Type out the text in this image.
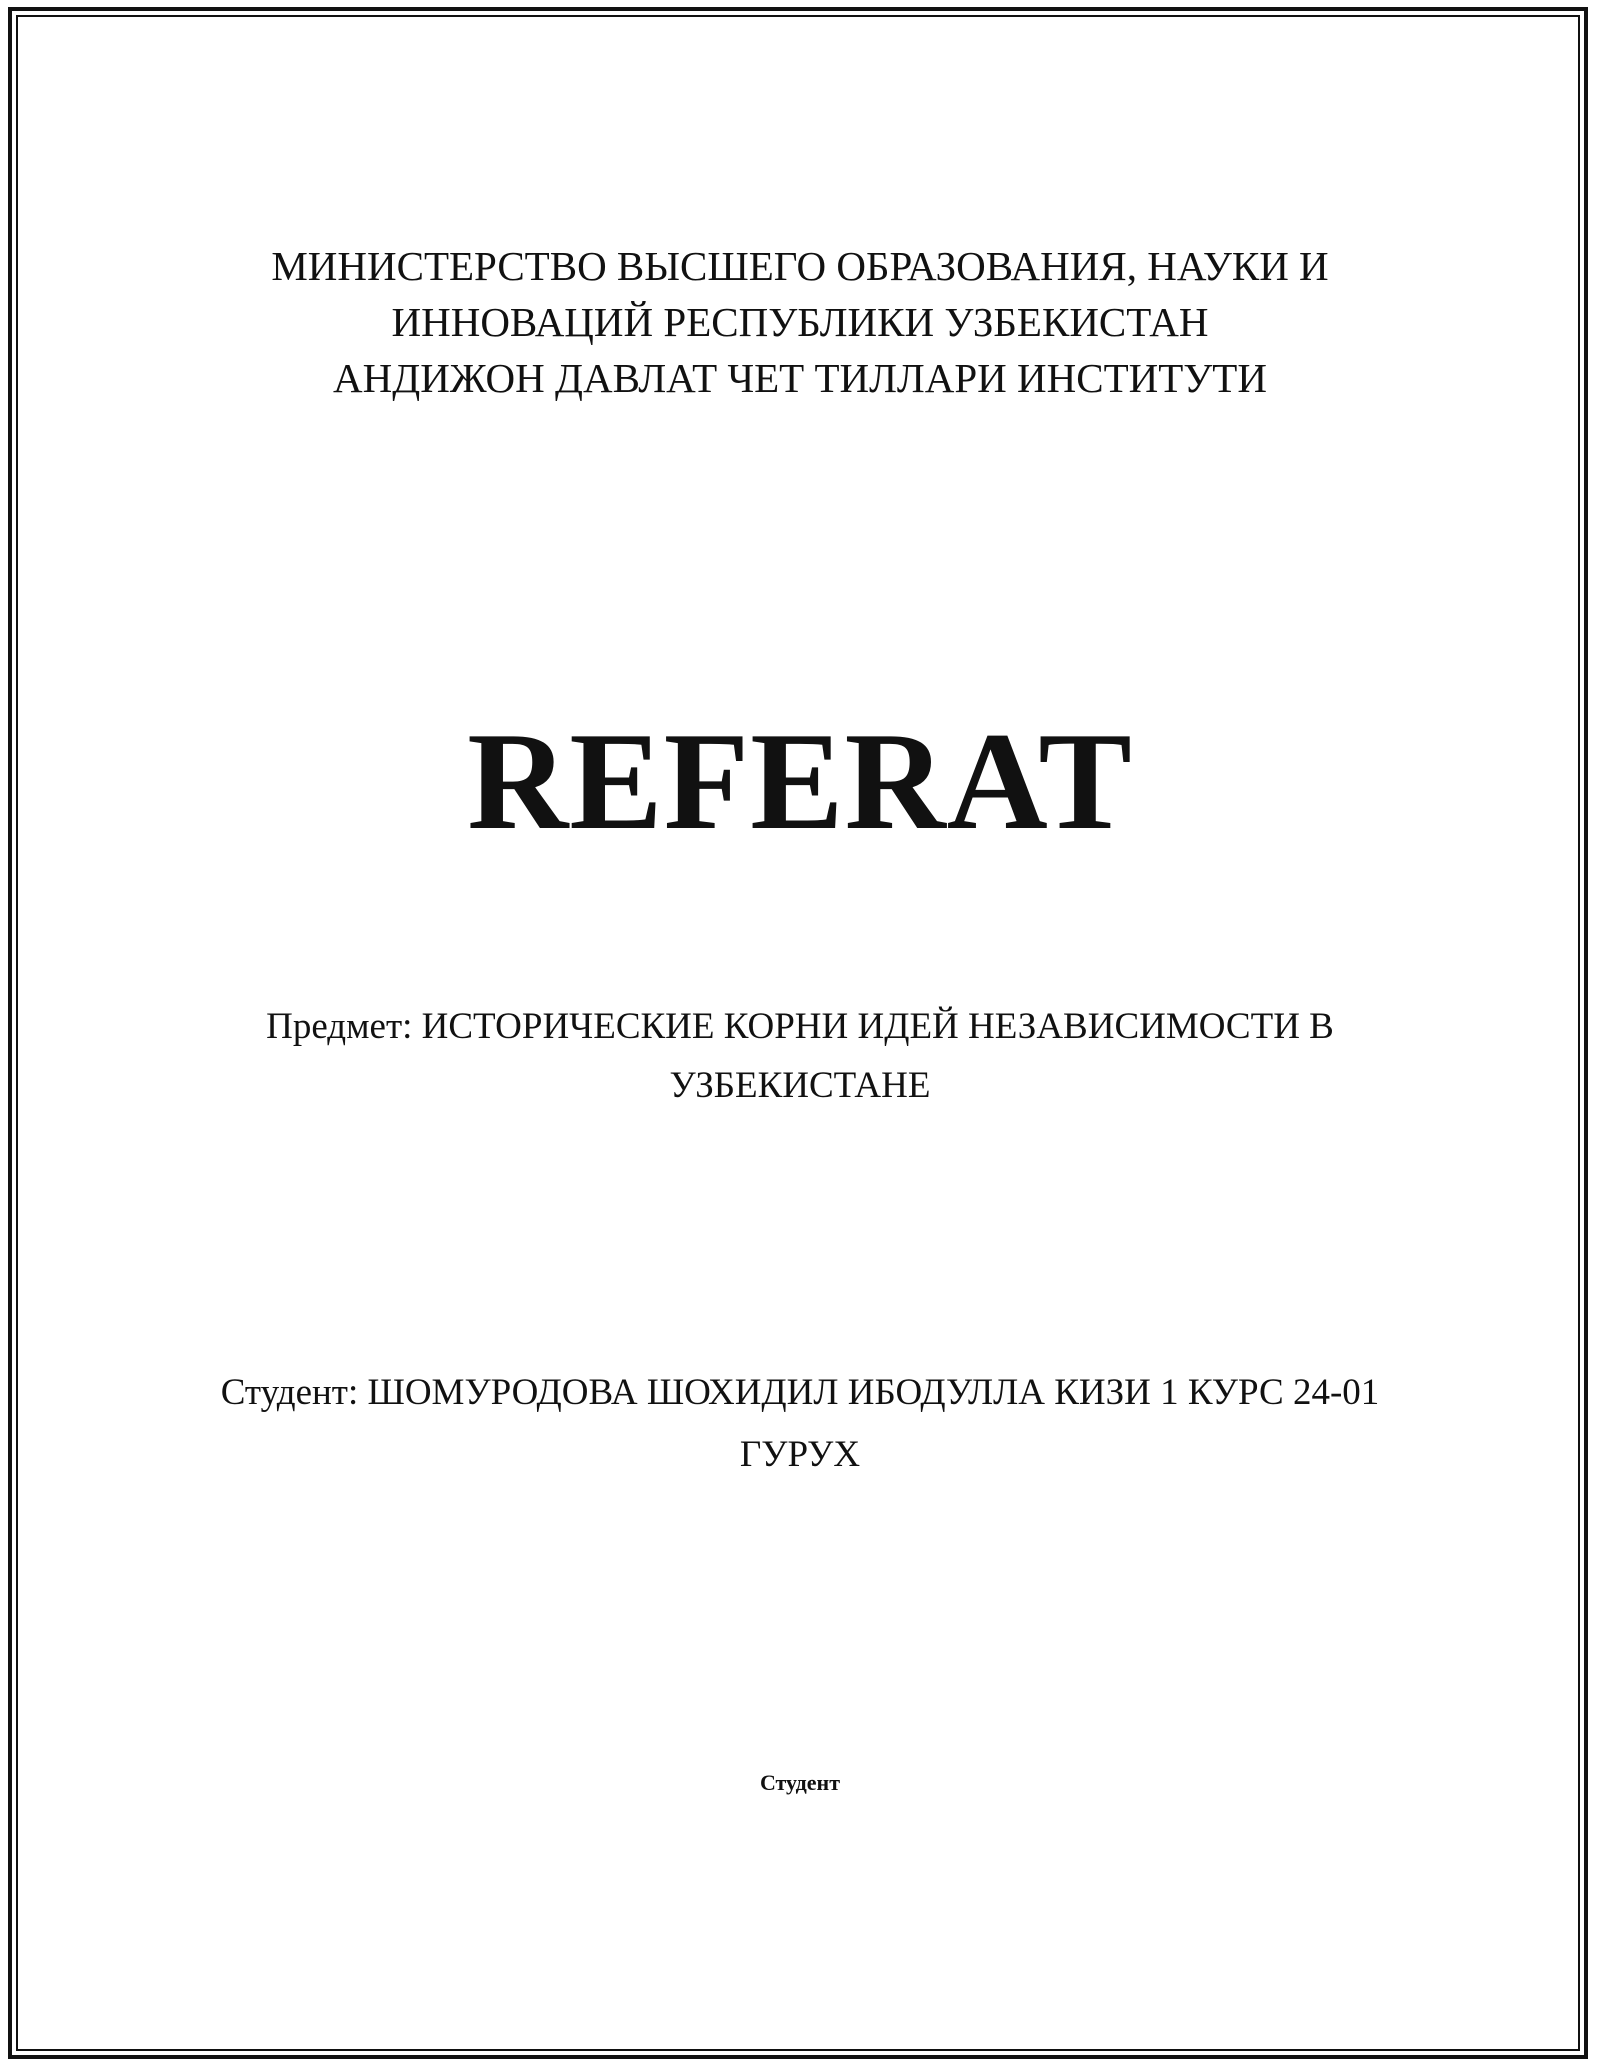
МИНИСТЕРСТВО ВЫСШЕГО ОБРАЗОВАНИЯ, НАУКИ И
ИННОВАЦИЙ РЕСПУБЛИКИ УЗБЕКИСТАН
АНДИЖОН ДАВЛАТ ЧЕТ ТИЛЛАРИ ИНСТИТУТИ
REFERAT
Предмет: ИСТОРИЧЕСКИЕ КОРНИ ИДЕЙ НЕЗАВИСИМОСТИ В УЗБЕКИСТАНЕ
Студент: ШОМУРОДОВА ШОХИДИЛ ИБОДУЛЛА КИЗИ 1 КУРС 24-01 ГУРУХ
Студент
